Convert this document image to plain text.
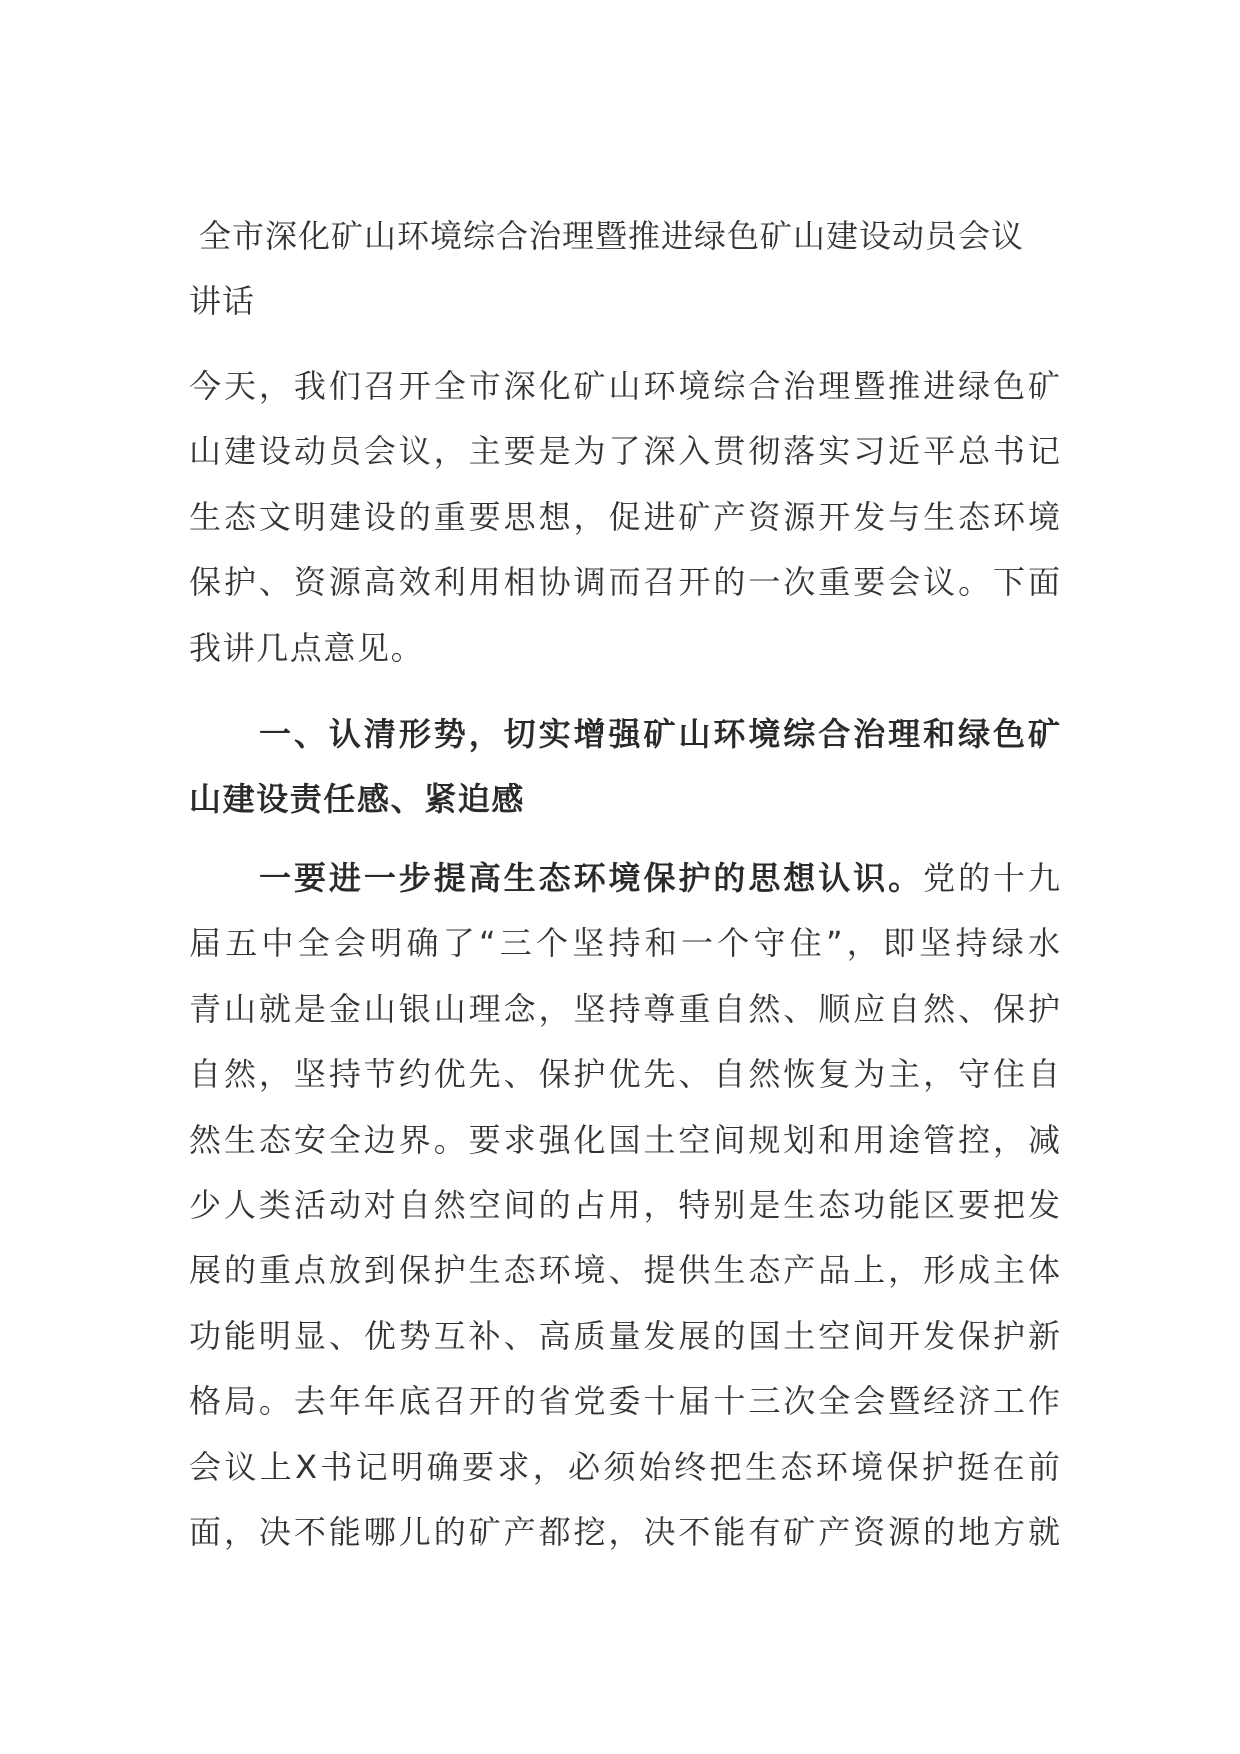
全市深化矿山环境综合治理暨推进绿色矿山建设动员会议
讲话
今天，我们召开全市深化矿山环境综合治理暨推进绿色矿
山建设动员会议，主要是为了深入贯彻落实习近平总书记
生态文明建设的重要思想，促进矿产资源开发与生态环境
保护、资源高效利用相协调而召开的一次重要会议。下面
我讲几点意见。
一、认清形势，切实增强矿山环境综合治理和绿色矿
山建设责任感、紧迫感
一要进一步提高生态环境保护的思想认识。党的十九
届五中全会明确了“三个坚持和一个守住”，即坚持绿水
青山就是金山银山理念，坚持尊重自然、顺应自然、保护
自然，坚持节约优先、保护优先、自然恢复为主，守住自
然生态安全边界。要求强化国土空间规划和用途管控，减
少人类活动对自然空间的占用，特别是生态功能区要把发
展的重点放到保护生态环境、提供生态产品上，形成主体
功能明显、优势互补、高质量发展的国土空间开发保护新
格局。去年年底召开的省党委十届十三次全会暨经济工作
会议上X书记明确要求，必须始终把生态环境保护挺在前
面，决不能哪儿的矿产都挖，决不能有矿产资源的地方就
